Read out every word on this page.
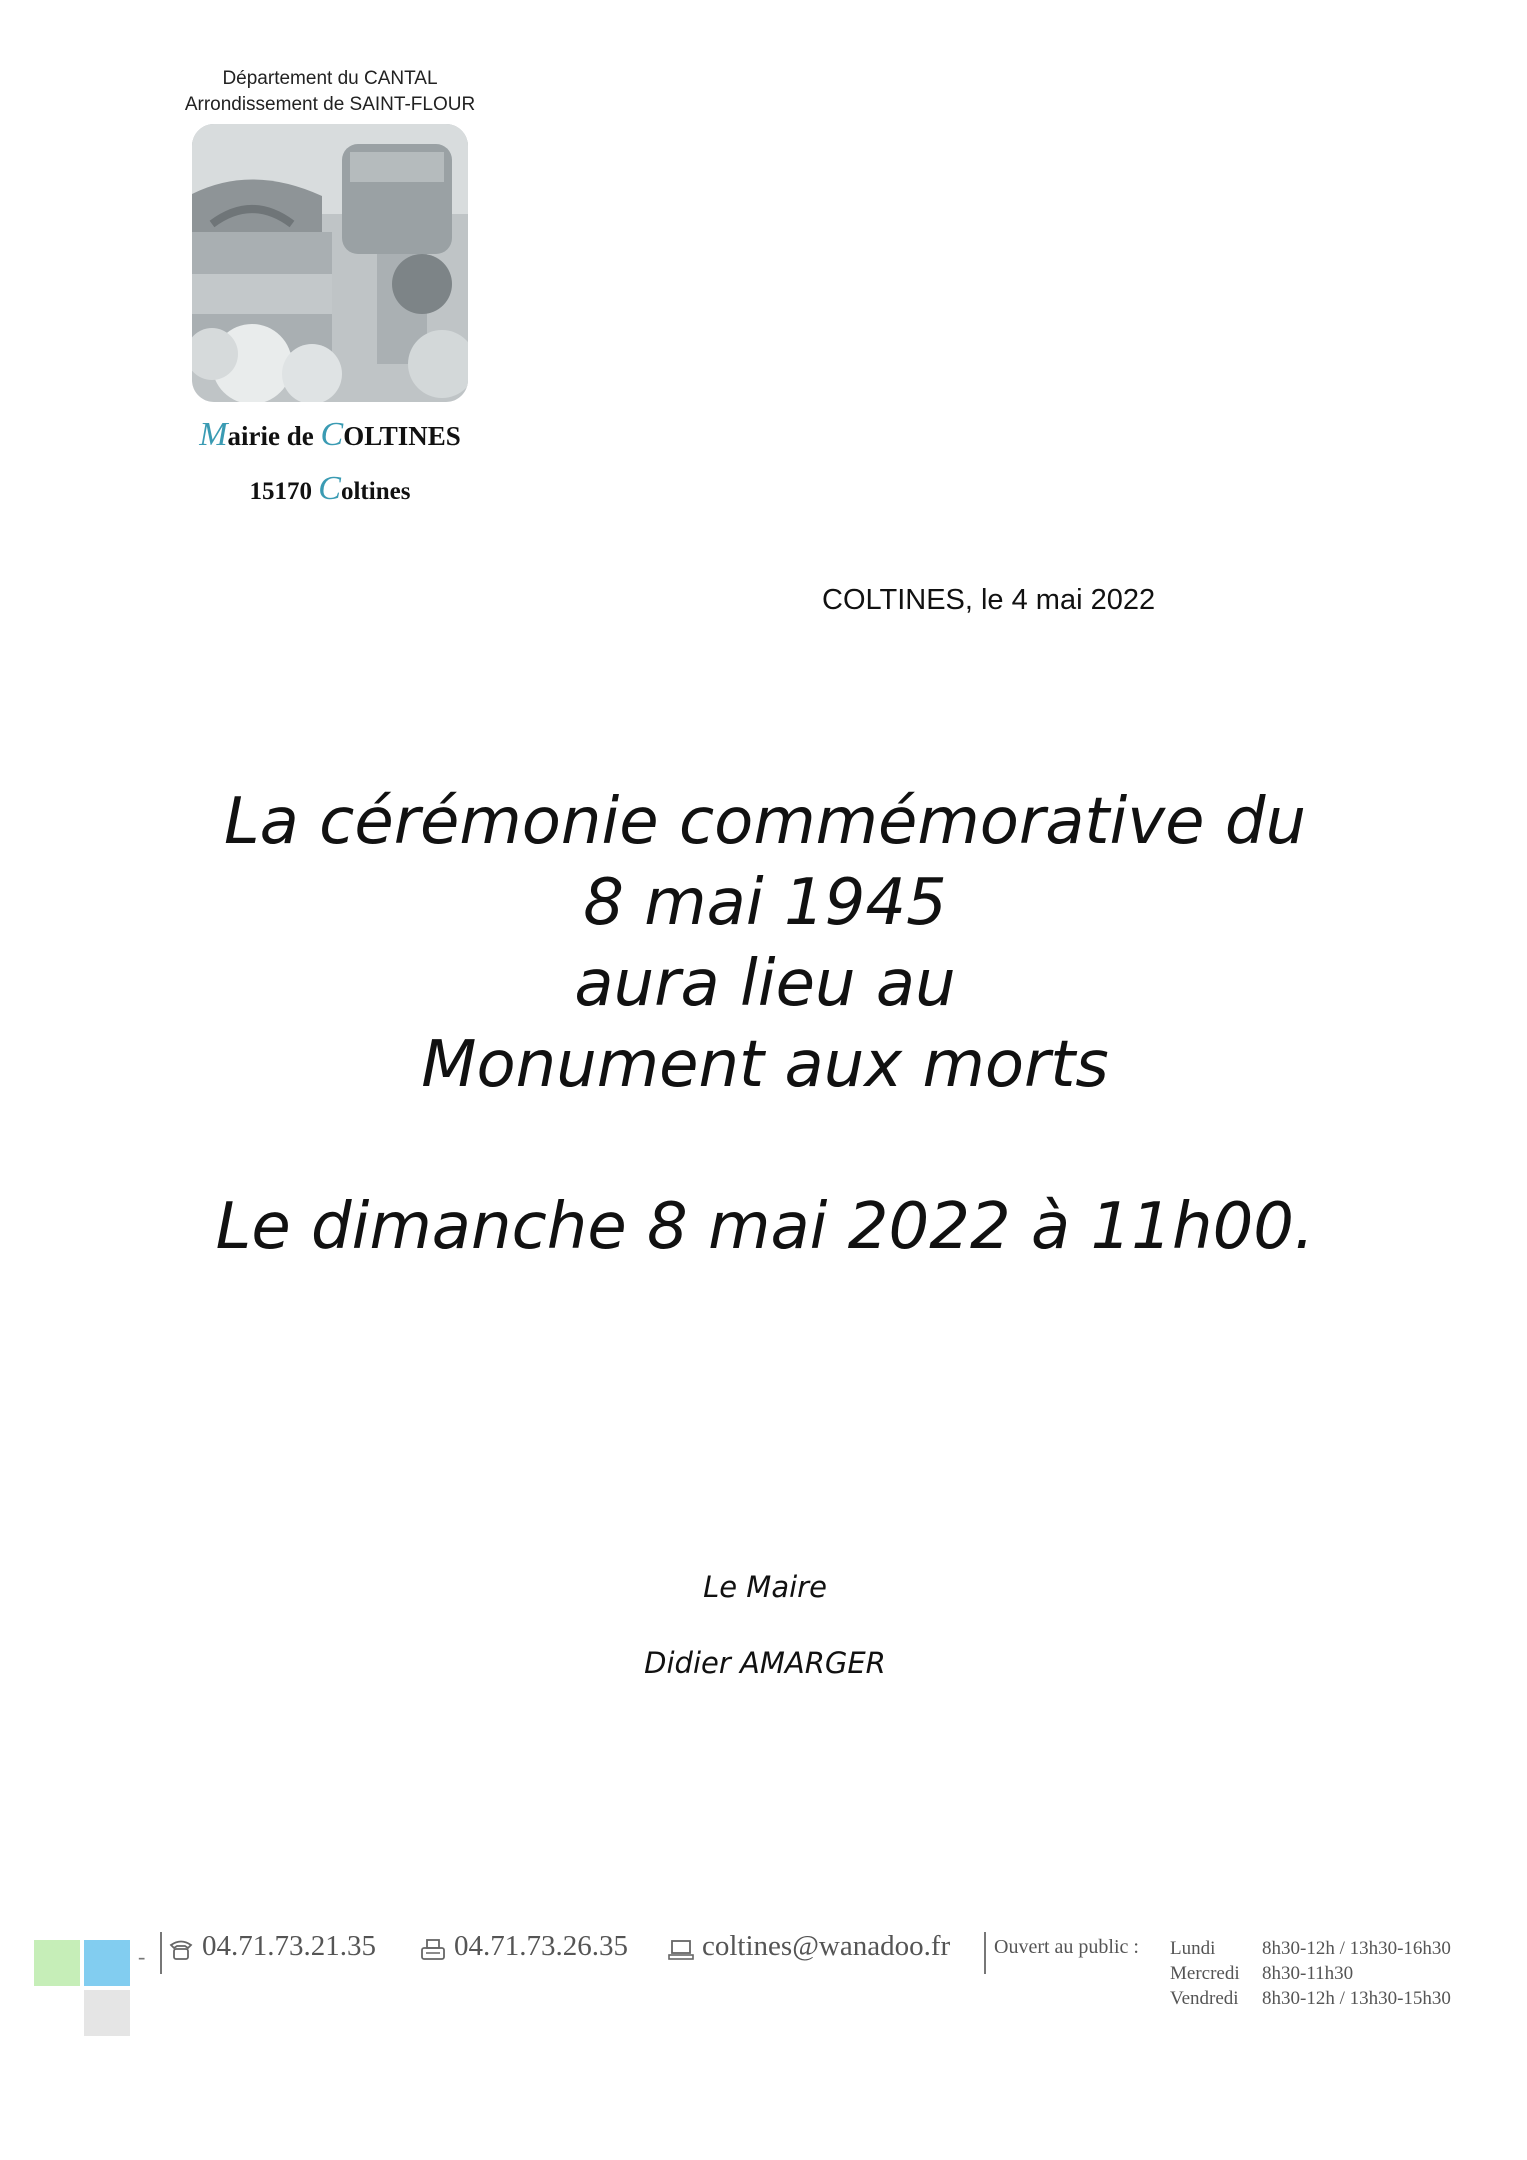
Département du CANTAL
Arrondissement de SAINT-FLOUR
Mairie de COLTINES
15170 Coltines
COLTINES, le 4 mai 2022
La cérémonie commémorative du
8 mai 1945
aura lieu au
Monument aux morts
Le dimanche 8 mai 2022 à 11h00.
Le Maire
Didier AMARGER
- 04.71.73.21.35	04.71.73.26.35	coltines@wanadoo.fr Ouvert au public : Lundi	8h30-12h / 13h30-16h30
Mercredi	8h30-11h30
Vendredi	8h30-12h / 13h30-15h30
